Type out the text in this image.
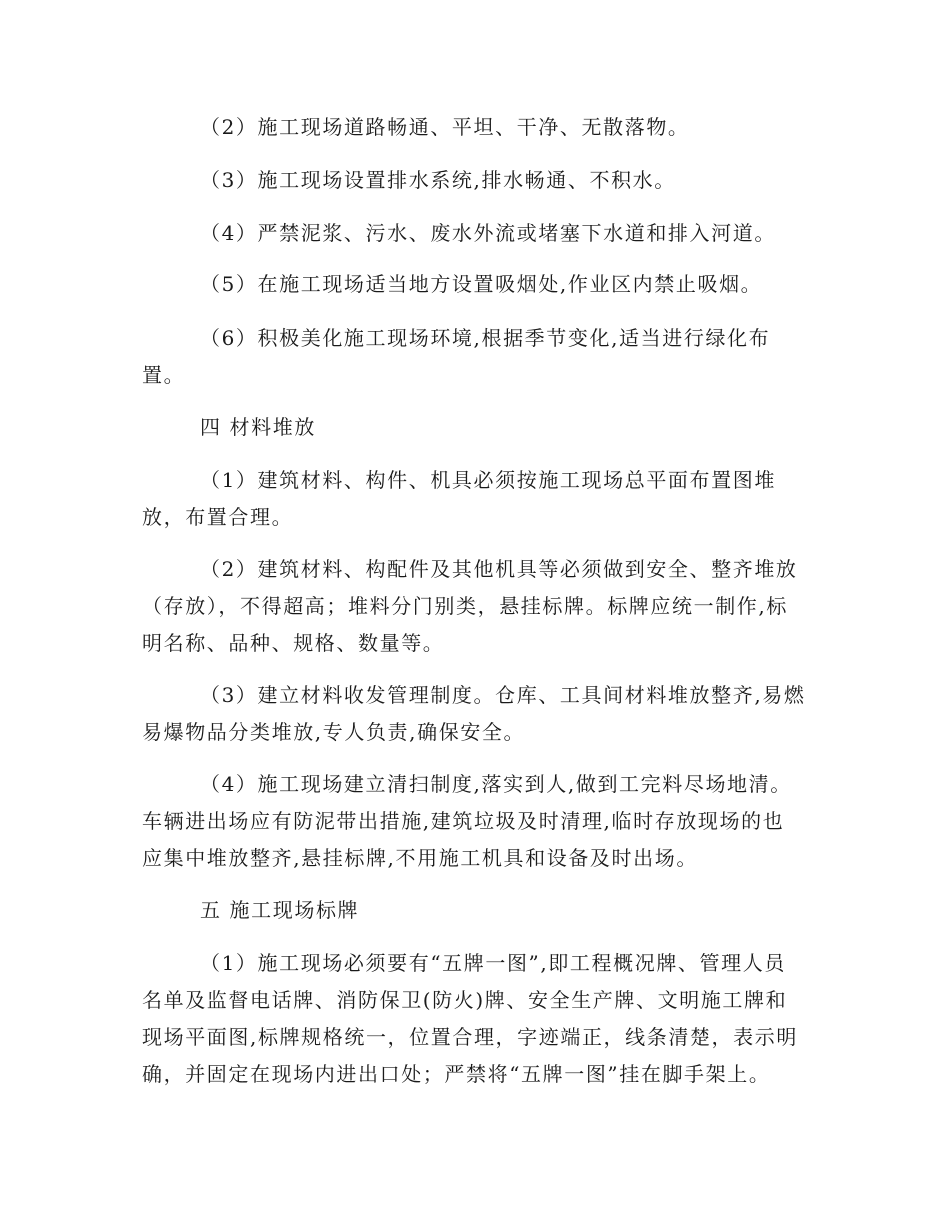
（2）施工现场道路畅通、平坦、干净、无散落物。
（3）施工现场设置排水系统,排水畅通、不积水。
（4）严禁泥浆、污水、废水外流或堵塞下水道和排入河道。
（5）在施工现场适当地方设置吸烟处,作业区内禁止吸烟。
（6）积极美化施工现场环境,根据季节变化,适当进行绿化布
置。
四 材料堆放
（1）建筑材料、构件、机具必须按施工现场总平面布置图堆
放，布置合理。
（2）建筑材料、构配件及其他机具等必须做到安全、整齐堆放
（存放），不得超高；堆料分门别类，悬挂标牌。标牌应统一制作,标
明名称、品种、规格、数量等。
（3）建立材料收发管理制度。仓库、工具间材料堆放整齐,易燃
易爆物品分类堆放,专人负责,确保安全。
（4）施工现场建立清扫制度,落实到人,做到工完料尽场地清。
车辆进出场应有防泥带出措施,建筑垃圾及时清理,临时存放现场的也
应集中堆放整齐,悬挂标牌,不用施工机具和设备及时出场。
五 施工现场标牌
（1）施工现场必须要有“五牌一图”,即工程概况牌、管理人员
名单及监督电话牌、消防保卫(防火)牌、安全生产牌、文明施工牌和
现场平面图,标牌规格统一，位置合理，字迹端正，线条清楚，表示明
确，并固定在现场内进出口处；严禁将“五牌一图”挂在脚手架上。
